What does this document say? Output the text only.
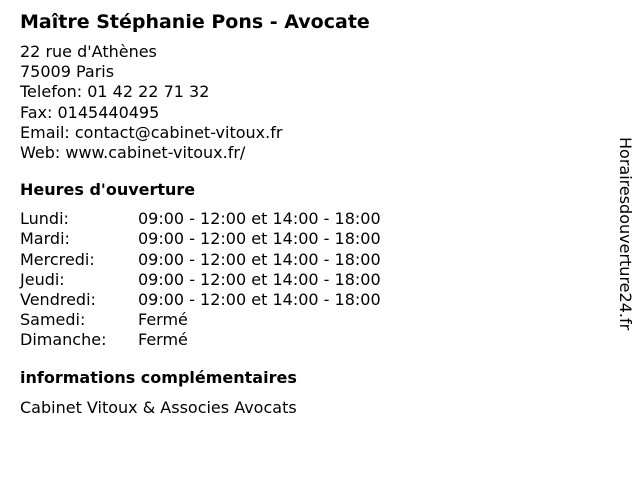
Maître Stéphanie Pons - Avocate
22 rue d'Athènes
75009 Paris
Telefon: 01 42 22 71 32
Fax: 0145440495
Email: contact@cabinet-vitoux.fr
Web: www.cabinet-vitoux.fr/
Heures d'ouverture
Lundi:	09:00 - 12:00 et 14:00 - 18:00
Mardi:	09:00 - 12:00 et 14:00 - 18:00
Mercredi:	09:00 - 12:00 et 14:00 - 18:00
Jeudi:	09:00 - 12:00 et 14:00 - 18:00
Vendredi:	09:00 - 12:00 et 14:00 - 18:00
Samedi:	Fermé
Dimanche:	Fermé
informations complémentaires
Cabinet Vitoux & Associes Avocats
Horairesdouverture24.fr
